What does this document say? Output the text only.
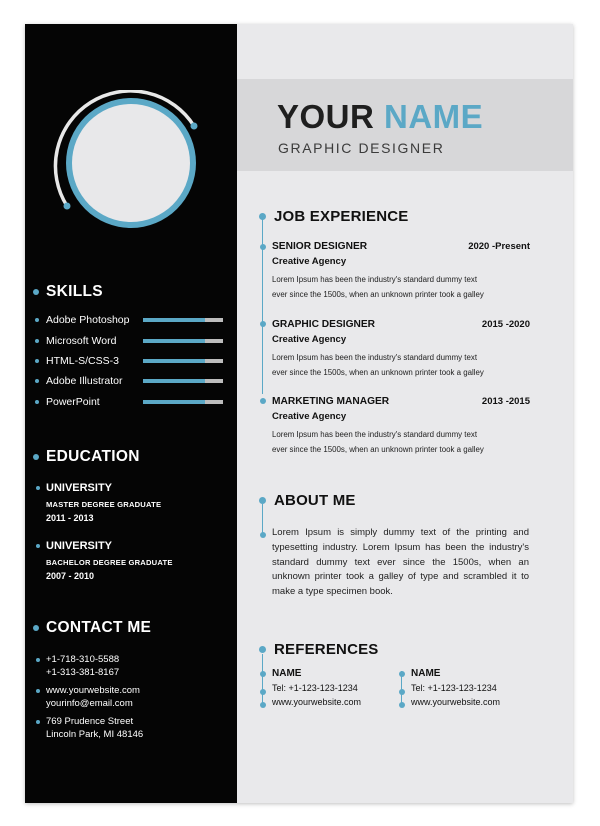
SKILLS
Adobe Photoshop
Microsoft Word
HTML-S/CSS-3
Adobe Illustrator
PowerPoint
EDUCATION
UNIVERSITY
MASTER DEGREE GRADUATE
2011 - 2013
UNIVERSITY
BACHELOR DEGREE GRADUATE
2007 - 2010
CONTACT ME
+1-718-310-5588
+1-313-381-8167
www.yourwebsite.com
yourinfo@email.com
769 Prudence Street
Lincoln Park, MI 48146
YOUR NAME
GRAPHIC DESIGNER
JOB EXPERIENCE
SENIOR DESIGNER	2020 -Present
Creative Agency
Lorem Ipsum has been the industry's standard dummy text
ever since the 1500s, when an unknown printer took a galley
GRAPHIC DESIGNER	2015 -2020
Creative Agency
Lorem Ipsum has been the industry's standard dummy text
ever since the 1500s, when an unknown printer took a galley
MARKETING MANAGER	2013 -2015
Creative Agency
Lorem Ipsum has been the industry's standard dummy text
ever since the 1500s, when an unknown printer took a galley
ABOUT ME
Lorem Ipsum is simply dummy text of the printing and typesetting industry. Lorem Ipsum has been the industry's standard dummy text ever since the 1500s, when an unknown printer took a galley of type and scrambled it to make a type specimen book.
REFERENCES
NAME
Tel: +1-123-123-1234
www.yourwebsite.com
NAME
Tel: +1-123-123-1234
www.yourwebsite.com
